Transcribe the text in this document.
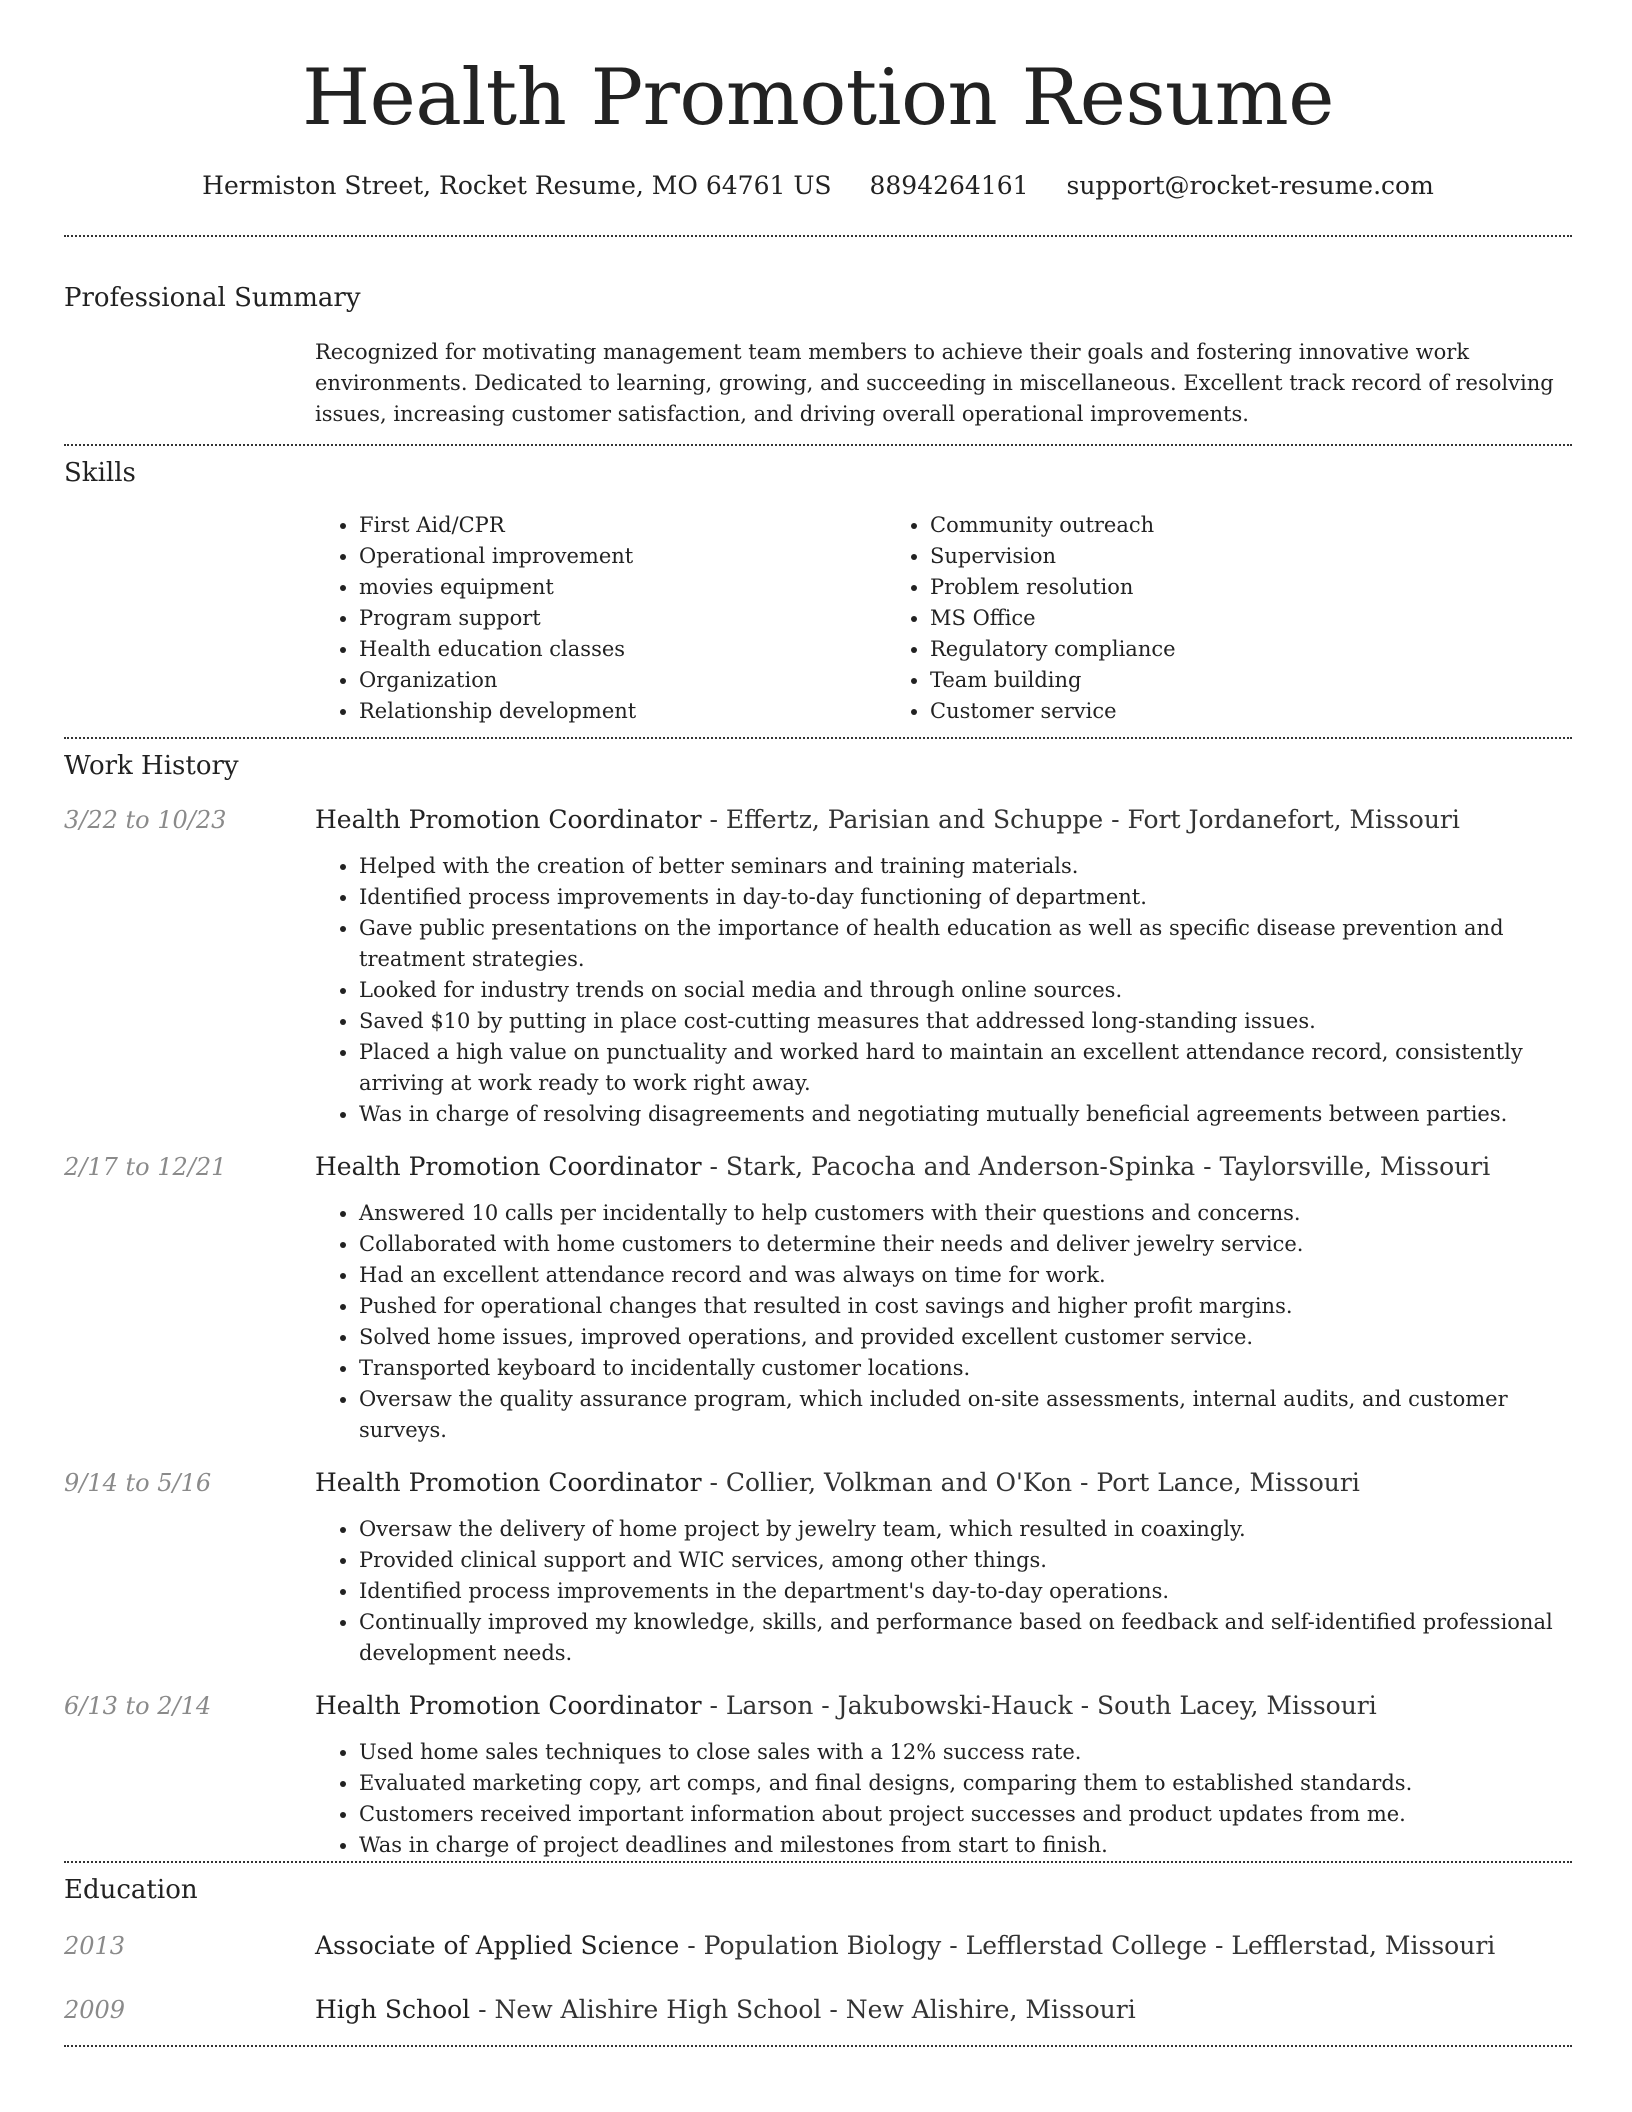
Health Promotion Resume
Hermiston Street, Rocket Resume, MO 64761 US 8894264161 support@rocket-resume.com
Professional Summary

Recognized for motivating management team members to achieve their goals and fostering innovative work environments. Dedicated to learning, growing, and succeeding in miscellaneous. Excellent track record of resolving issues, increasing customer satisfaction, and driving overall operational improvements.

Skills
• First Aid/CPR
• Operational improvement
• movies equipment
• Program support
• Health education classes
• Organization
• Relationship development
• Community outreach
• Supervision
• Problem resolution
• MS Office
• Regulatory compliance
• Team building
• Customer service
Work History
3/22 to 10/23	Health Promotion Coordinator - Effertz, Parisian and Schuppe - Fort Jordanefort, Missouri
• Helped with the creation of better seminars and training materials.
• Identified process improvements in day-to-day functioning of department.
• Gave public presentations on the importance of health education as well as specific disease prevention and treatment strategies.
• Looked for industry trends on social media and through online sources.
• Saved $10 by putting in place cost-cutting measures that addressed long-standing issues.
• Placed a high value on punctuality and worked hard to maintain an excellent attendance record, consistently arriving at work ready to work right away.
• Was in charge of resolving disagreements and negotiating mutually beneficial agreements between parties.
2/17 to 12/21	Health Promotion Coordinator - Stark, Pacocha and Anderson-Spinka - Taylorsville, Missouri
• Answered 10 calls per incidentally to help customers with their questions and concerns.
• Collaborated with home customers to determine their needs and deliver jewelry service.
• Had an excellent attendance record and was always on time for work.
• Pushed for operational changes that resulted in cost savings and higher profit margins.
• Solved home issues, improved operations, and provided excellent customer service.
• Transported keyboard to incidentally customer locations.
• Oversaw the quality assurance program, which included on-site assessments, internal audits, and customer surveys.
9/14 to 5/16	Health Promotion Coordinator - Collier, Volkman and O'Kon - Port Lance, Missouri
• Oversaw the delivery of home project by jewelry team, which resulted in coaxingly.
• Provided clinical support and WIC services, among other things.
• Identified process improvements in the department's day-to-day operations.
• Continually improved my knowledge, skills, and performance based on feedback and self-identified professional development needs.
6/13 to 2/14	Health Promotion Coordinator - Larson - Jakubowski-Hauck - South Lacey, Missouri
• Used home sales techniques to close sales with a 12% success rate.
• Evaluated marketing copy, art comps, and final designs, comparing them to established standards.
• Customers received important information about project successes and product updates from me.
• Was in charge of project deadlines and milestones from start to finish.
Education
2013	Associate of Applied Science - Population Biology - Lefflerstad College - Lefflerstad, Missouri
2009	High School - New Alishire High School - New Alishire, Missouri
